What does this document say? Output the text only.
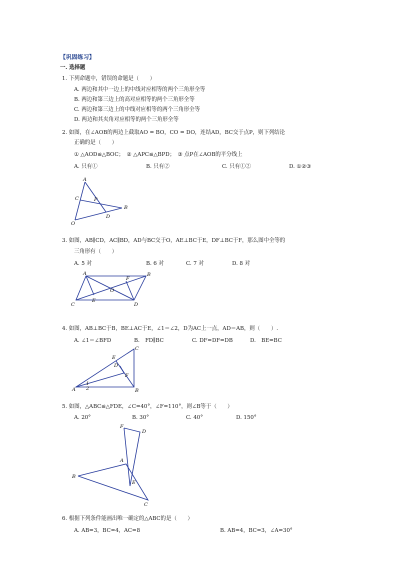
【巩固练习】
一. 选择题
1. 下列命题中，错误的命题是（　　）
A. 两边和其中一边上的中线对应相等的两个三角形全等
B. 两边和第三边上的高对应相等的两个三角形全等
C. 两边和第三边上的中线对应相等的两个三角形全等
D. 两边和其夹角对应相等的两个三角形全等
2. 如图，在∠AOB的两边上截取AO = BO，CO = DO，连结AD，BC交于点P，则下列结论
正确的是（　　）
① △AOD≌△BOC；　② △APC≌△BPD；　③ 点P在∠AOB的平分线上
A. 只有①	B. 只有②	C. 只有①②	D. ①②③
A
B
C
D
P
O
3. 如图，AB∥CD，AC∥BD，AD与BC交于O，AE⊥BC于E，DF⊥BC于F，那么图中全等的
三角形有（　　）
A. 5 对	B. 6 对	C. 7 对	D. 8 对
A	B
C	D
O
E
F
4. 如图，AB⊥BC于B，BE⊥AC于E，∠1＝∠2，D为AC上一点，AD＝AB，则（　　）.
A. ∠1＝∠BFD	B.　FD∥BC	C. DF=DF=DB	D.　BE=BC
A	B
C
D
E
F
1
2
5. 如图，△ABC≌△FDE，∠C=40°，∠F=110°，则∠B等于（　　）
A. 20°	B. 30°	C. 40°	D. 150°
F
D
A
E
B
C
6. 根据下列条件能画出唯一确定的△ABC的是（　　）
A. AB=3，BC=4，AC=8	B. AB=4，BC=3，∠A=30°
